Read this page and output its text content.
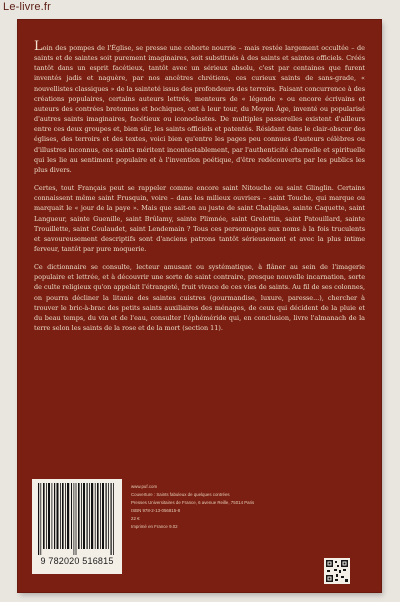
Le-livre.fr

Loin des pompes de l'Église, se presse une cohorte nourrie – mais restée largement occultée – de saints et de saintes soit purement imaginaires, soit substitués à des saints et saintes officiels. Créés tantôt dans un esprit facétieux, tantôt avec un sérieux absolu, c'est par centaines que furent inventés jadis et naguère, par nos ancêtres chrétiens, ces curieux saints de sans-grade, « nouvellistes classiques » de la sainteté issus des profondeurs des terroirs. Faisant concurrence à des créations populaires, certains auteurs lettrés, menteurs de « légende » ou encore écrivains et auteurs des contrées bretonnes et bochiques, ont à leur tour, du Moyen Âge, inventé ou popularisé d'autres saints imaginaires, facétieux ou iconoclastes. De multiples passerelles existent d'ailleurs entre ces deux groupes et, bien sûr, les saints officiels et patentés. Résidant dans le clair-obscur des églises, des terroirs et des textes, voici bien qu'entre les pages peu connues d'auteurs célèbres ou d'illustres inconnus, ces saints méritent incontestablement, par l'authenticité charnelle et spirituelle qui les lie au sentiment populaire et à l'invention poétique, d'être redécouverts par les publics les plus divers.

Certes, tout Français peut se rappeler comme encore saint Nitouche ou saint Glinglin. Certains connaissent même saint Frusquin, voire – dans les milieux ouvriers – saint Touche, qui marque ou marquait le « jour de la paye ». Mais que sait-on au juste de saint Chaliplias, sainte Caquette, saint Langueur, sainte Guenille, saint Brûlamy, sainte Plimnée, saint Grelottin, saint Patouillard, sainte Trouillette, saint Coulaudet, saint Lendemain ? Tous ces personnages aux noms à la fois truculents et savoureusement descriptifs sont d'anciens patrons tantôt sérieusement et avec la plus intime ferveur, tantôt par pure moquerie.

Ce dictionnaire se consulte, lecteur amusant ou systématique, à flâner au sein de l'imagerie populaire et lettrée, et à découvrir une sorte de saint contraire, presque nouvelle incarnation, sorte de culte religieux qu'on appelait l'étrangeté, fruit vivace de ces vies de saints. Au fil de ses colonnes, on pourra décliner la litanie des saintes cuistres (gourmandise, luxure, paresse...), chercher à trouver le bric-à-brac des petits saints auxiliaires des ménages, de ceux qui décident de la pluie et du beau temps, du vin et de l'eau, consulter l'éphéméride qui, en conclusion, livre l'almanach de la terre selon les saints de la rose et de la mort (section 11).

9 782020 516815
www.puf.com
Couverture : Saints fabuleux de quelques contrées
Presses Universitaires de France, 6 avenue Reille, 75014 Paris
ISBN 978-2-13-056815-8
22 €
Imprimé en France 9.02
